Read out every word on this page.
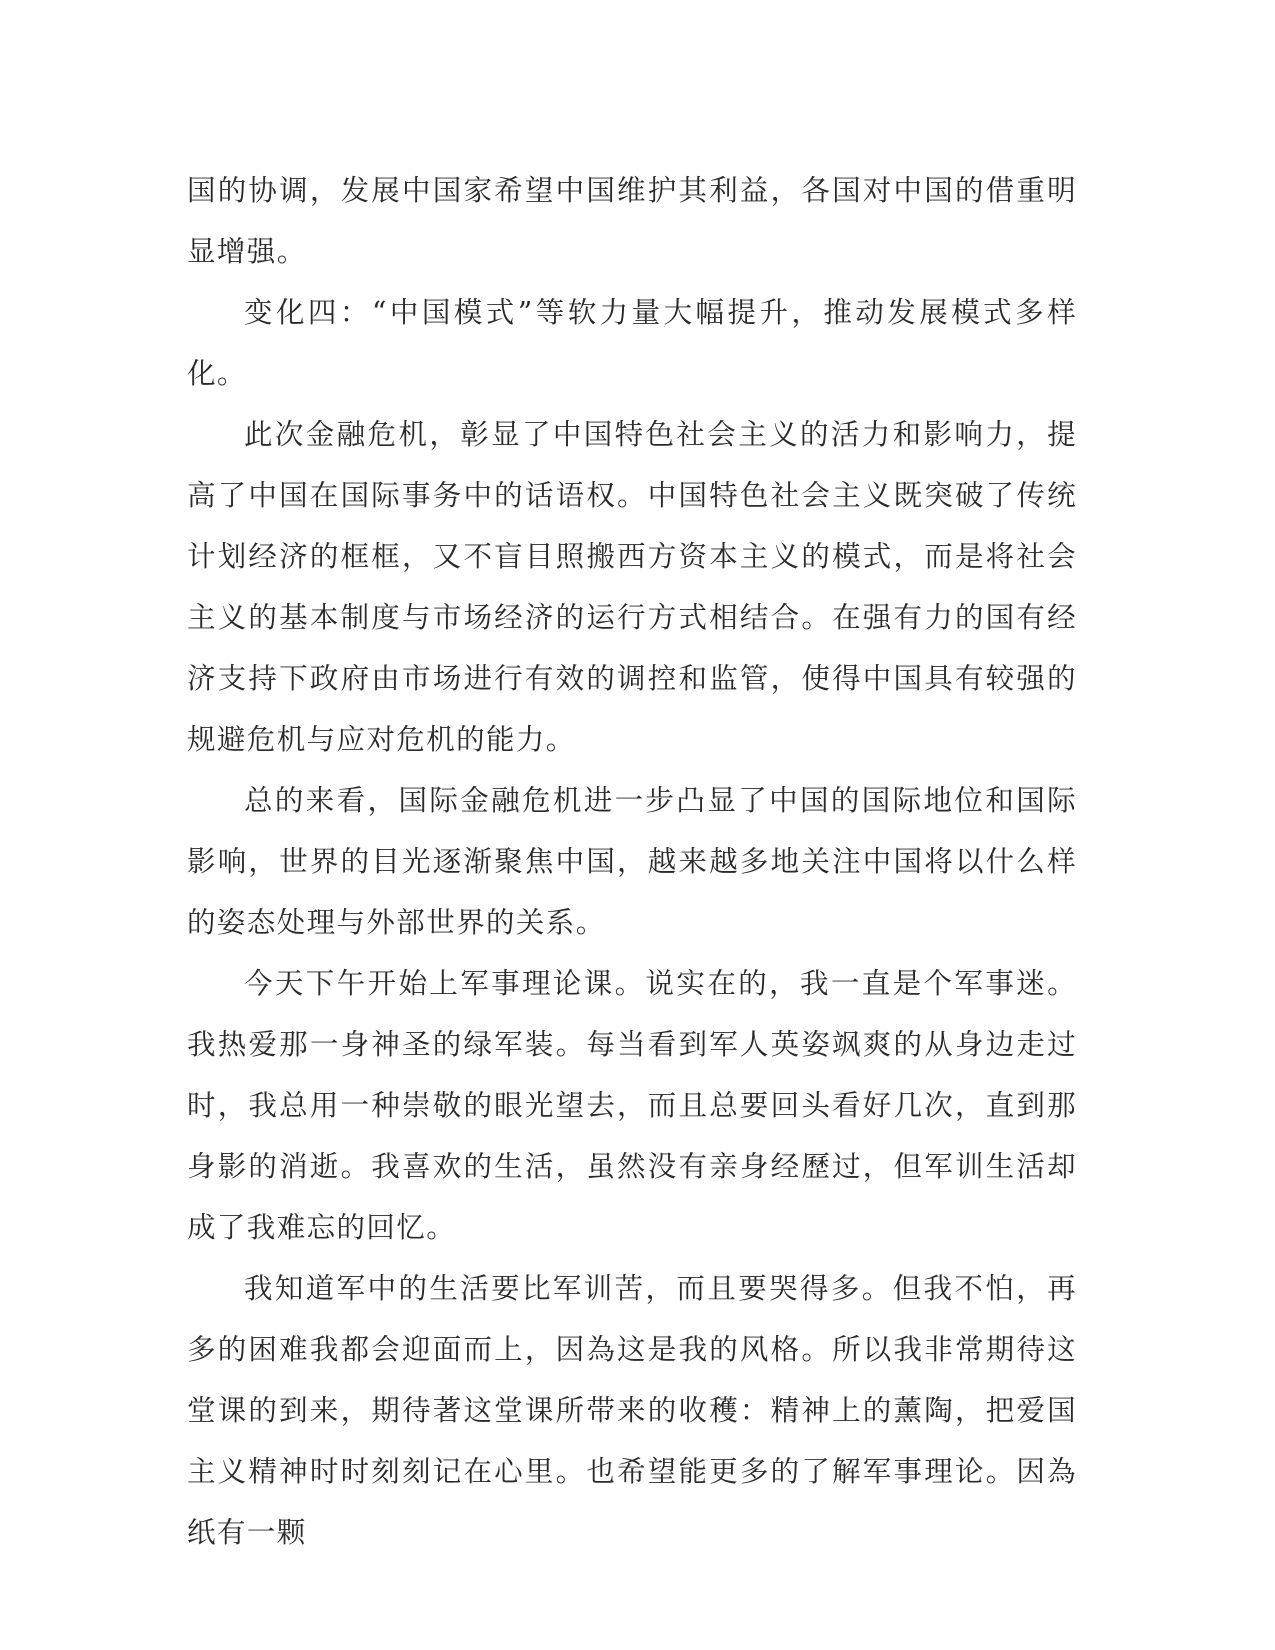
国的协调，发展中国家希望中国维护其利益，各国对中国的借重明显增强。

变化四：“中国模式”等软力量大幅提升，推动发展模式多样化。

此次金融危机，彰显了中国特色社会主义的活力和影响力，提高了中国在国际事务中的话语权。中国特色社会主义既突破了传统计划经济的框框，又不盲目照搬西方资本主义的模式，而是将社会主义的基本制度与市场经济的运行方式相结合。在强有力的国有经济支持下政府由市场进行有效的调控和监管，使得中国具有较强的规避危机与应对危机的能力。

总的来看，国际金融危机进一步凸显了中国的国际地位和国际影响，世界的目光逐渐聚焦中国，越来越多地关注中国将以什么样的姿态处理与外部世界的关系。

今天下午开始上军事理论课。说实在的，我一直是个军事迷。我热爱那一身神圣的绿军装。每当看到军人英姿飒爽的从身边走过时，我总用一种崇敬的眼光望去，而且总要回头看好几次，直到那身影的消逝。我喜欢的生活，虽然没有亲身经歷过，但军训生活却成了我难忘的回忆。

我知道军中的生活要比军训苦，而且要哭得多。但我不怕，再多的困难我都会迎面而上，因為这是我的风格。所以我非常期待这堂课的到来，期待著这堂课所带来的收穫：精神上的薰陶，把爱国主义精神时时刻刻记在心里。也希望能更多的了解军事理论。因為纸有一颗
